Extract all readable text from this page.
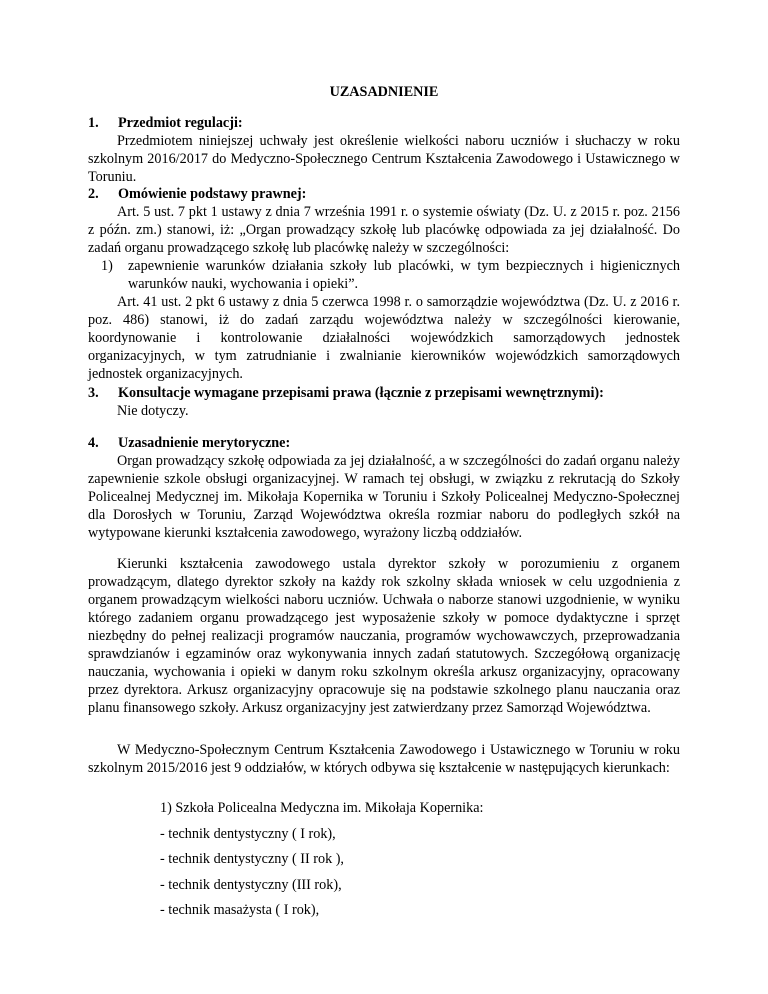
UZASADNIENIE
1. Przedmiot regulacji:
Przedmiotem niniejszej uchwały jest określenie wielkości naboru uczniów i słuchaczy w roku szkolnym 2016/2017 do Medyczno-Społecznego Centrum Kształcenia Zawodowego i Ustawicznego w Toruniu.
2. Omówienie podstawy prawnej:
Art. 5 ust. 7 pkt 1 ustawy z dnia 7 września 1991 r. o systemie oświaty (Dz. U. z 2015 r. poz. 2156 z późn. zm.) stanowi, iż: „Organ prowadzący szkołę lub placówkę odpowiada za jej działalność. Do zadań organu prowadzącego szkołę lub placówkę należy w szczególności:
1) zapewnienie warunków działania szkoły lub placówki, w tym bezpiecznych i higienicznych warunków nauki, wychowania i opieki”.
Art. 41 ust. 2 pkt 6 ustawy z dnia 5 czerwca 1998 r. o samorządzie województwa (Dz. U. z 2016 r. poz. 486) stanowi, iż do zadań zarządu województwa należy w szczególności kierowanie, koordynowanie i kontrolowanie działalności wojewódzkich samorządowych jednostek organizacyjnych, w tym zatrudnianie i zwalnianie kierowników wojewódzkich samorządowych jednostek organizacyjnych.
3. Konsultacje wymagane przepisami prawa (łącznie z przepisami wewnętrznymi):
Nie dotyczy.
4. Uzasadnienie merytoryczne:
Organ prowadzący szkołę odpowiada za jej działalność, a w szczególności do zadań organu należy zapewnienie szkole obsługi organizacyjnej. W ramach tej obsługi, w związku z rekrutacją do Szkoły Policealnej Medycznej im. Mikołaja Kopernika w Toruniu i Szkoły Policealnej Medyczno-Społecznej dla Dorosłych w Toruniu, Zarząd Województwa określa rozmiar naboru do podległych szkół na wytypowane kierunki kształcenia zawodowego, wyrażony liczbą oddziałów.
Kierunki kształcenia zawodowego ustala dyrektor szkoły w porozumieniu z organem prowadzącym, dlatego dyrektor szkoły na każdy rok szkolny składa wniosek w celu uzgodnienia z organem prowadzącym wielkości naboru uczniów. Uchwała o naborze stanowi uzgodnienie, w wyniku którego zadaniem organu prowadzącego jest wyposażenie szkoły w pomoce dydaktyczne i sprzęt niezbędny do pełnej realizacji programów nauczania, programów wychowawczych, przeprowadzania sprawdzianów i egzaminów oraz wykonywania innych zadań statutowych. Szczegółową organizację nauczania, wychowania i opieki w danym roku szkolnym określa arkusz organizacyjny, opracowany przez dyrektora. Arkusz organizacyjny opracowuje się na podstawie szkolnego planu nauczania oraz planu finansowego szkoły. Arkusz organizacyjny jest zatwierdzany przez Samorząd Województwa.
W Medyczno-Społecznym Centrum Kształcenia Zawodowego i Ustawicznego w Toruniu w roku szkolnym 2015/2016 jest 9 oddziałów, w których odbywa się kształcenie w następujących kierunkach:
1) Szkoła Policealna Medyczna im. Mikołaja Kopernika:
- technik dentystyczny ( I rok),
- technik dentystyczny ( II rok ),
- technik dentystyczny (III rok),
- technik masażysta ( I rok),
